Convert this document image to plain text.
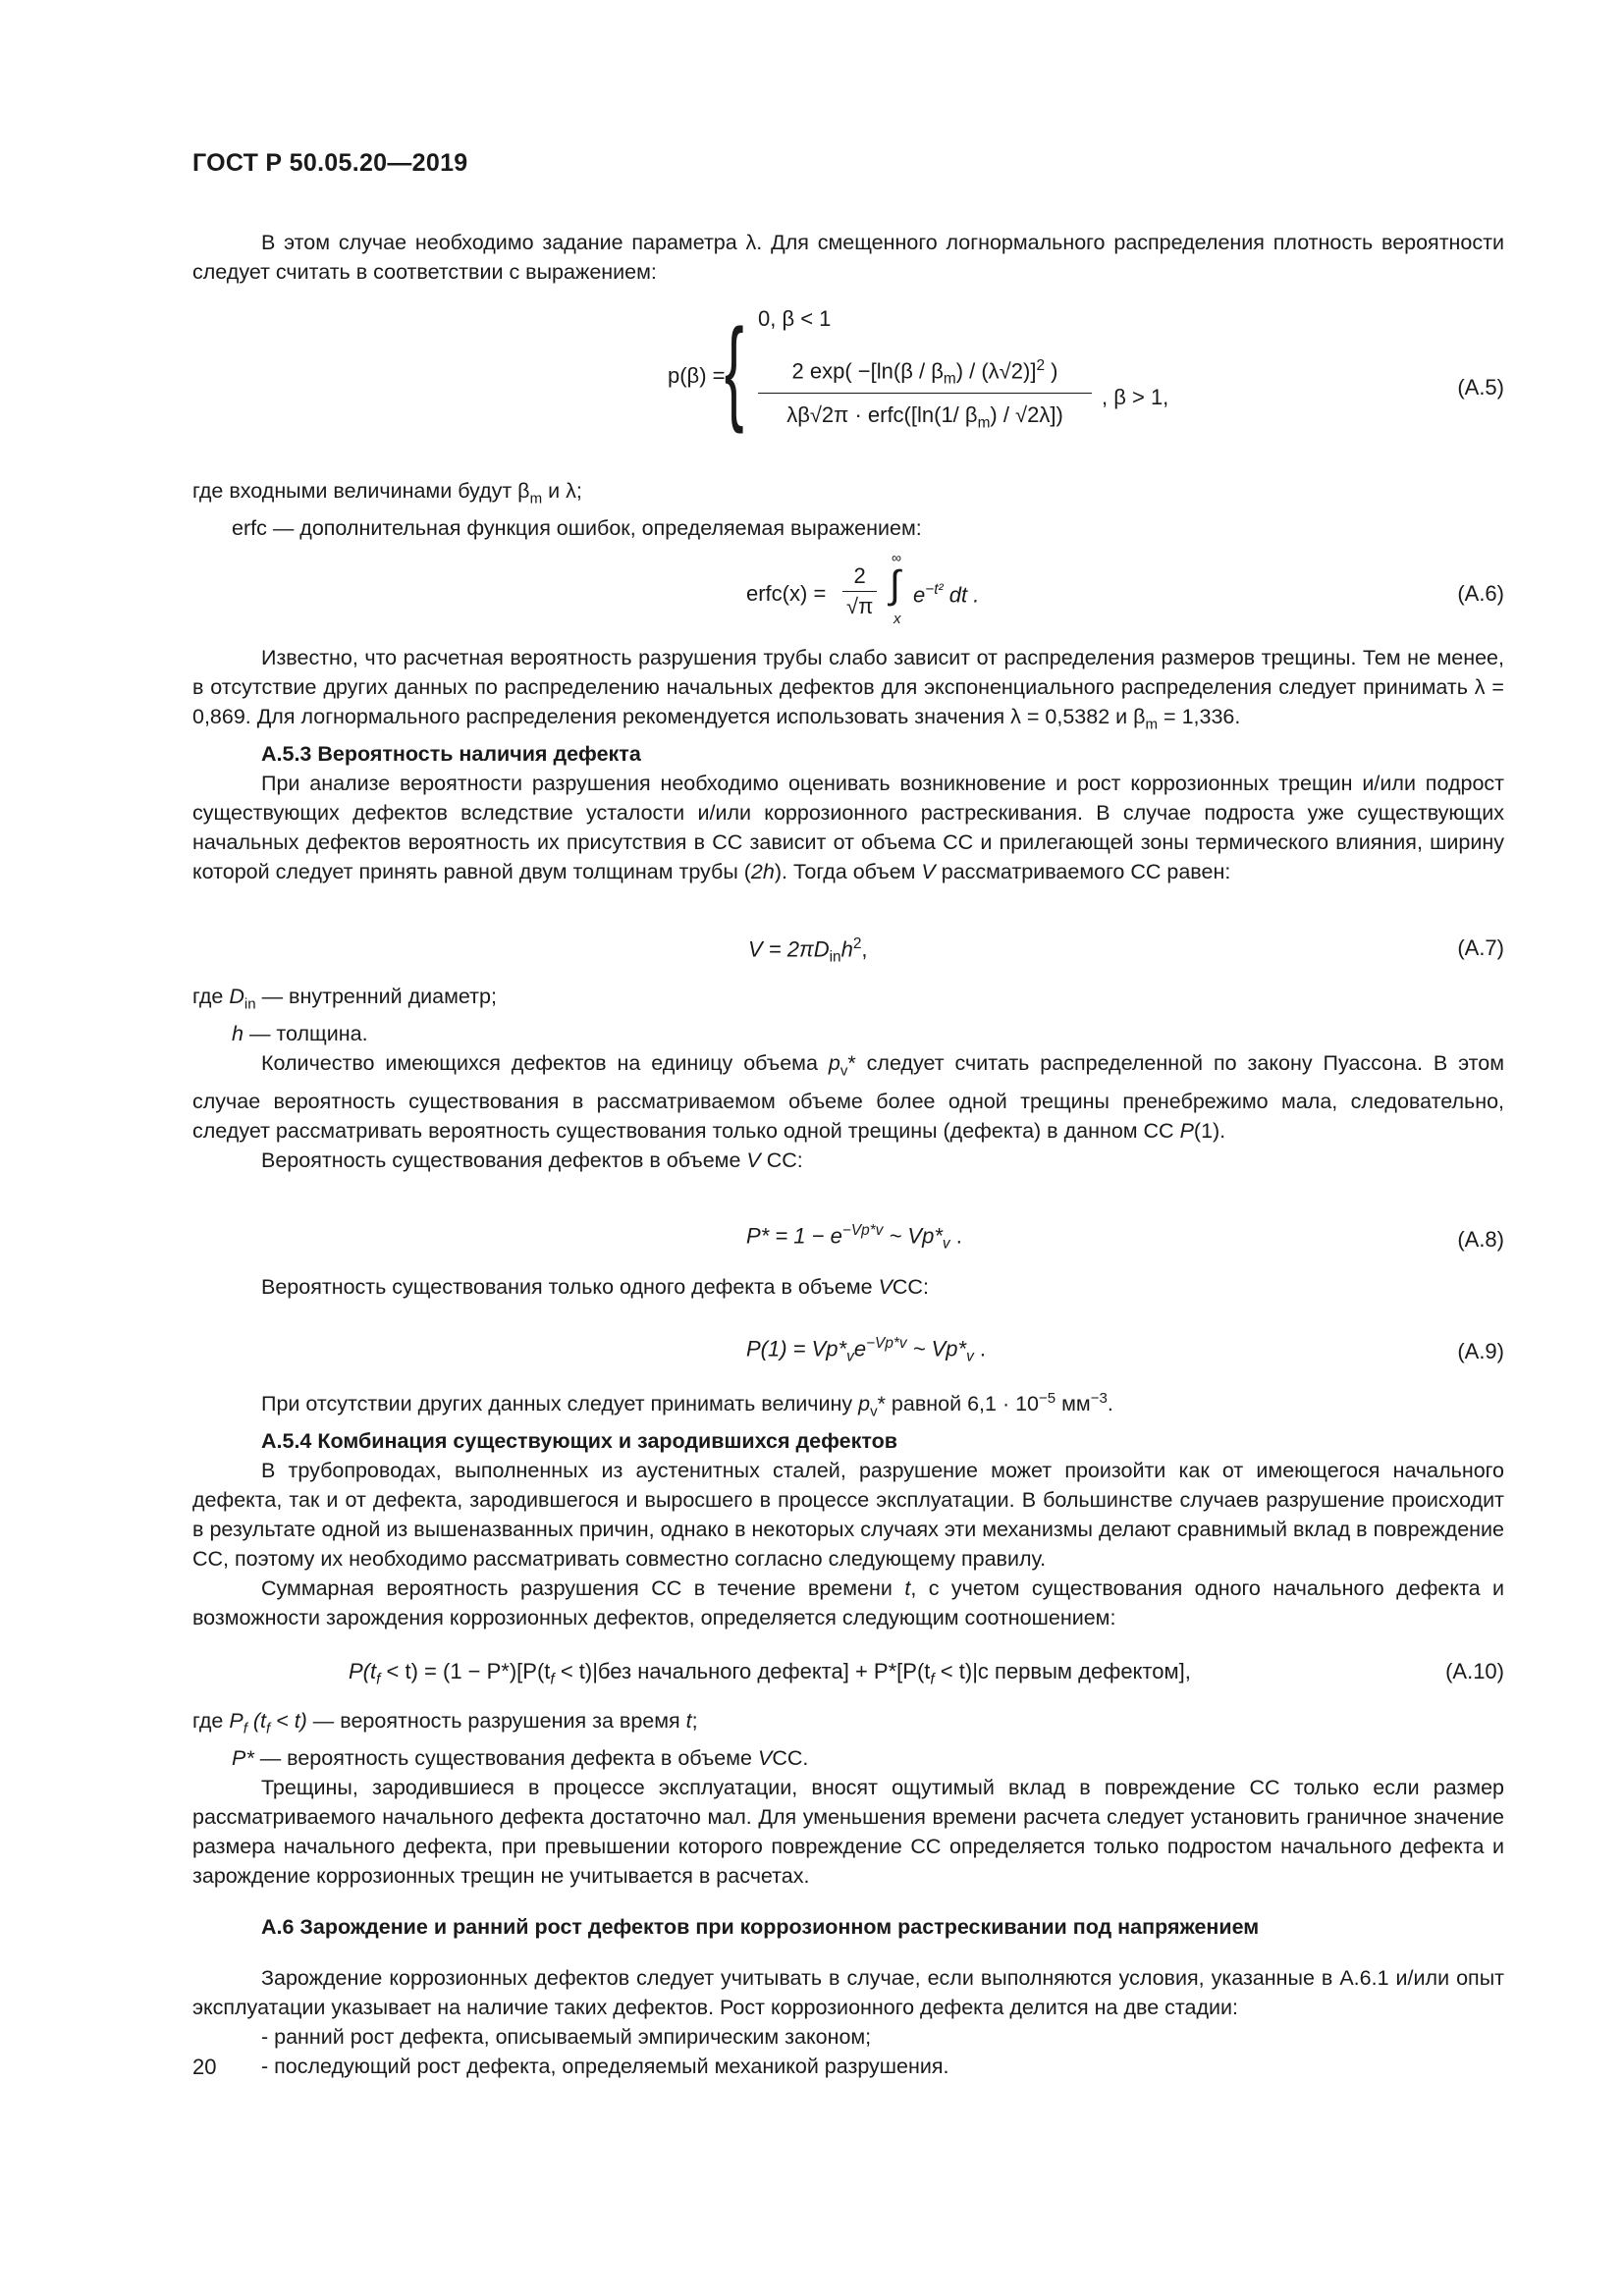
ГОСТ Р 50.05.20—2019

В этом случае необходимо задание параметра λ. Для смещенного логнормального распределения плотность вероятности следует считать в соответствии с выражением:

p(β) = { 0, β < 1
2 $\exp( -[\ln(\beta / \beta_m) / (\lambda√2)]^2$ )
λβ√2π · erfc([ln(1/ $\beta_m) / √2\lambda$])
, β > 1,	(А.5)

где входными величинами будут $\beta_m$ и λ;

erfc — дополнительная функция ошибок, определяемая выражением:

erfc(x) = $\frac{2}{√\pi}$
∞
∫
x
$e^{-t^2}$ dt .	(А.6)

Известно, что расчетная вероятность разрушения трубы слабо зависит от распределения размеров трещины. Тем не менее, в отсутствие других данных по распределению начальных дефектов для экспоненциального распределения следует принимать λ = 0,869. Для логнормального распределения рекомендуется использовать значения λ = 0,5382 и $\beta_m = 1,336$.

А.5.3 Вероятность наличия дефекта

При анализе вероятности разрушения необходимо оценивать возникновение и рост коррозионных трещин и/или подрост существующих дефектов вследствие усталости и/или коррозионного растрескивания. В случае подроста уже существующих начальных дефектов вероятность их присутствия в СС зависит от объема СС и прилегающей зоны термического влияния, ширину которой следует принять равной двум толщинам трубы (2h). Тогда объем V рассматриваемого СС равен:

$V = 2\pi D_{in}h^2$,	(А.7)

где $D_{in}$ — внутренний диаметр;

h — толщина.

Количество имеющихся дефектов на единицу объема $p_v*$ следует считать распределенной по закону Пуассона. В этом случае вероятность существования в рассматриваемом объеме более одной трещины пренебрежимо мала, следовательно, следует рассматривать вероятность существования только одной трещины (дефекта) в данном СС P(1).

Вероятность существования дефектов в объеме V СС:

$P* = 1 - e^{-Vp*v}$ ~ $Vp*_v$ .	(А.8)

Вероятность существования только одного дефекта в объеме VСС:

$P(1) = Vp*_ve^{-Vp*v}$ ~ $Vp*_v$ .	(А.9)

При отсутствии других данных следует принимать величину $p_v*$ равной $6,1 \cdot 10^{-5}$ $мм^{-3}$.

А.5.4 Комбинация существующих и зародившихся дефектов

В трубопроводах, выполненных из аустенитных сталей, разрушение может произойти как от имеющегося начального дефекта, так и от дефекта, зародившегося и выросшего в процессе эксплуатации. В большинстве случаев разрушение происходит в результате одной из вышеназванных причин, однако в некоторых случаях эти механизмы делают сравнимый вклад в повреждение СС, поэтому их необходимо рассматривать совместно согласно следующему правилу.

Суммарная вероятность разрушения СС в течение времени t, с учетом существования одного начального дефекта и возможности зарождения коррозионных дефектов, определяется следующим соотношением:

$P(t_f < t) = (1 - P*)[P(t_f < t)|без$ начального дефекта] + $P*[P(t_f < t)|с$ первым дефектом],	(А.10)

где $P_f$ $(t_f < t)$ — вероятность разрушения за время t;

P* — вероятность существования дефекта в объеме VСС.

Трещины, зародившиеся в процессе эксплуатации, вносят ощутимый вклад в повреждение СС только если размер рассматриваемого начального дефекта достаточно мал. Для уменьшения времени расчета следует установить граничное значение размера начального дефекта, при превышении которого повреждение СС определяется только подростом начального дефекта и зарождение коррозионных трещин не учитывается в расчетах.

А.6 Зарождение и ранний рост дефектов при коррозионном растрескивании под напряжением

Зарождение коррозионных дефектов следует учитывать в случае, если выполняются условия, указанные в А.6.1 и/или опыт эксплуатации указывает на наличие таких дефектов. Рост коррозионного дефекта делится на две стадии:

- ранний рост дефекта, описываемый эмпирическим законом;

- последующий рост дефекта, определяемый механикой разрушения.

20
